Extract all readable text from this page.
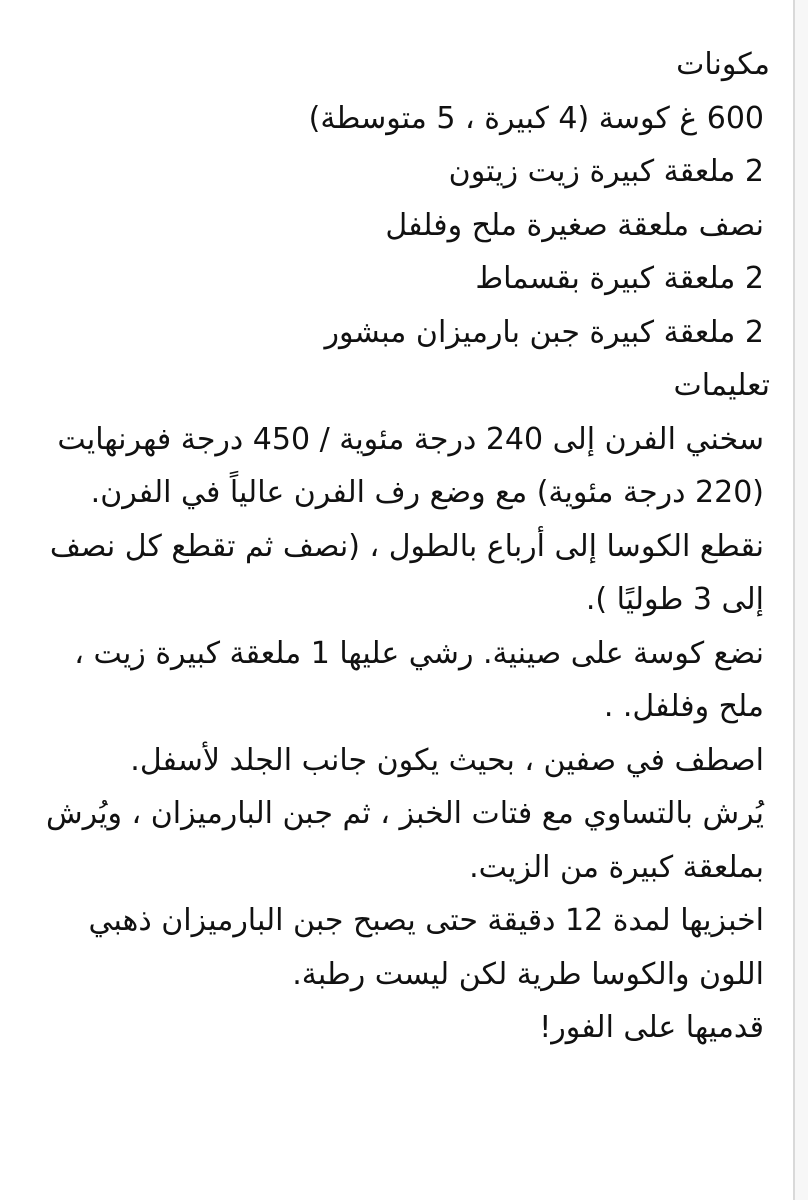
مكونات
600 غ كوسة (4 كبيرة ، 5 متوسطة)
2 ملعقة كبيرة زيت زيتون
نصف ملعقة صغيرة ملح وفلفل
2 ملعقة كبيرة بقسماط
2 ملعقة كبيرة جبن بارميزان مبشور
تعليمات
سخني الفرن إلى 240 درجة مئوية / 450 درجة فهرنهايت (220 درجة مئوية) مع وضع رف الفرن عالياً في الفرن.
نقطع الكوسا إلى أرباع بالطول ، (نصف ثم تقطع كل نصف إلى 3 طوليًا ).
نضع كوسة على صينية. رشي عليها 1 ملعقة كبيرة زيت ، ملح وفلفل. .
اصطف في صفين ، بحيث يكون جانب الجلد لأسفل.
يُرش بالتساوي مع فتات الخبز ، ثم جبن البارميزان ، ويُرش بملعقة كبيرة من الزيت.
اخبزيها لمدة 12 دقيقة حتى يصبح جبن البارميزان ذهبي اللون والكوسا طرية لكن ليست رطبة.
قدميها على الفور!
